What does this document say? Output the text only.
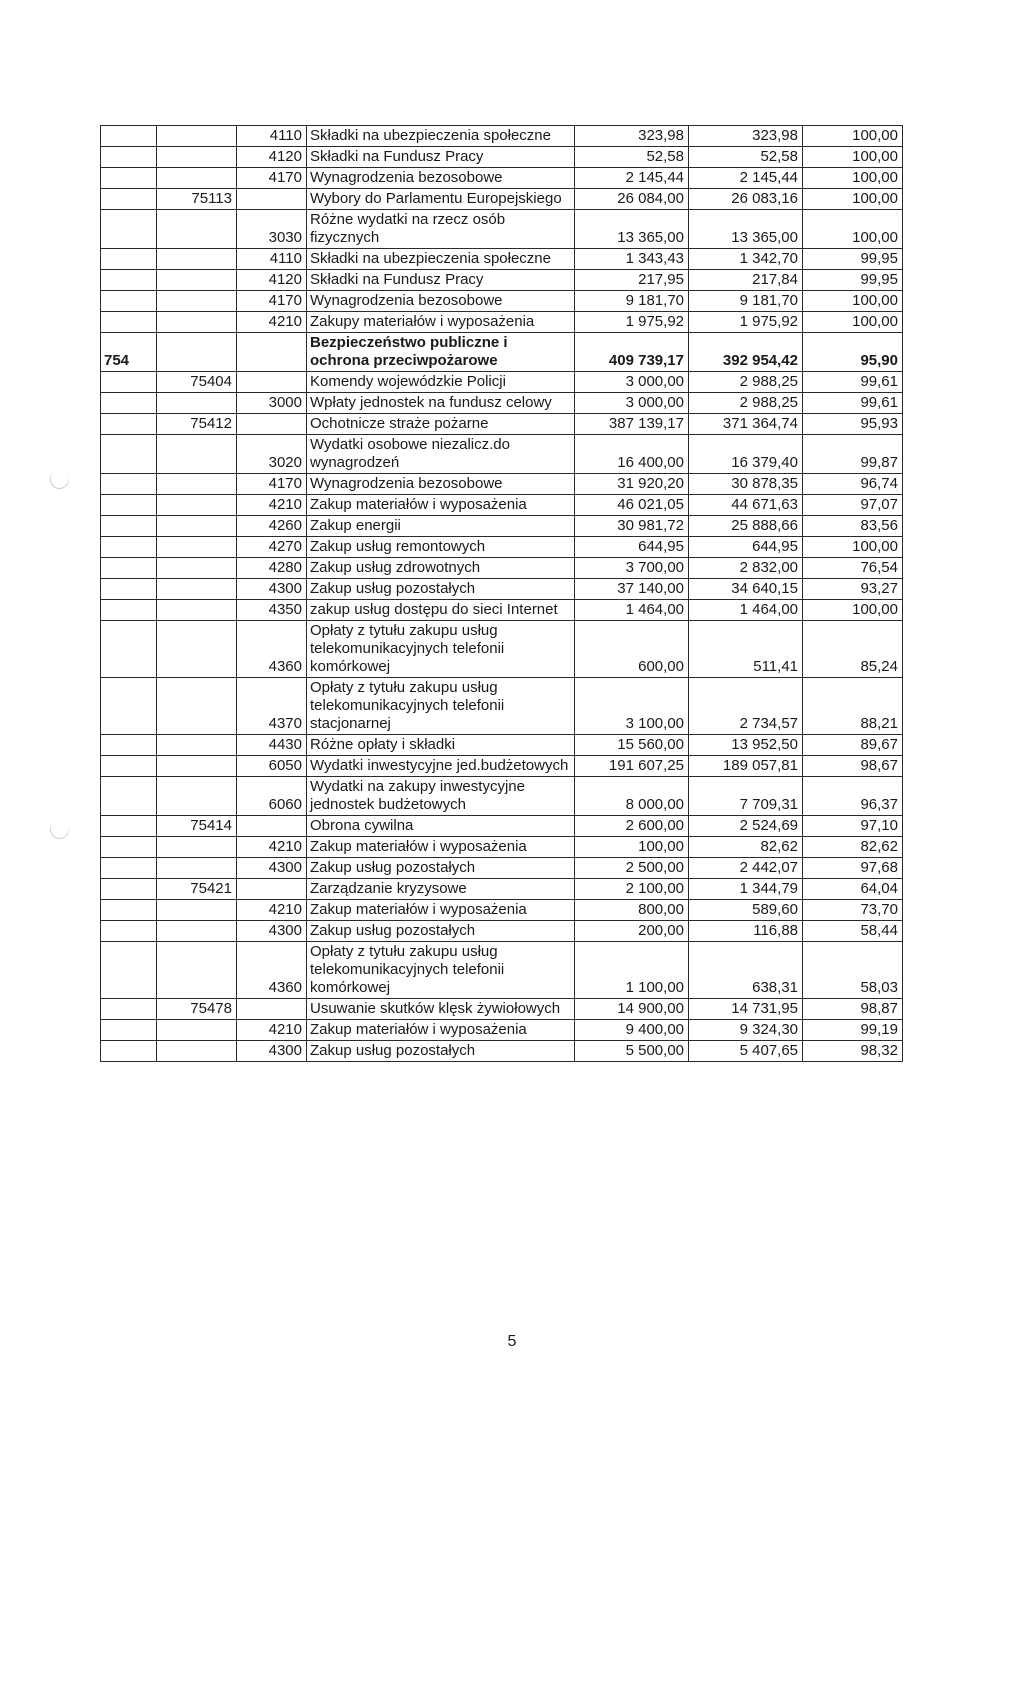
		4110	Składki na ubezpieczenia społeczne	323,98	323,98	100,00
		4120	Składki na Fundusz Pracy	52,58	52,58	100,00
		4170	Wynagrodzenia bezosobowe	2 145,44	2 145,44	100,00
	75113		Wybory do Parlamentu Europejskiego	26 084,00	26 083,16	100,00
		3030	Różne wydatki na rzecz osób fizycznych	13 365,00	13 365,00	100,00
		4110	Składki na ubezpieczenia społeczne	1 343,43	1 342,70	99,95
		4120	Składki na Fundusz Pracy	217,95	217,84	99,95
		4170	Wynagrodzenia bezosobowe	9 181,70	9 181,70	100,00
		4210	Zakupy materiałów i wyposażenia	1 975,92	1 975,92	100,00
754			Bezpieczeństwo publiczne i ochrona przeciwpożarowe	409 739,17	392 954,42	95,90
	75404		Komendy wojewódzkie Policji	3 000,00	2 988,25	99,61
		3000	Wpłaty jednostek na fundusz celowy	3 000,00	2 988,25	99,61
	75412		Ochotnicze straże pożarne	387 139,17	371 364,74	95,93
		3020	Wydatki osobowe niezalicz.do wynagrodzeń	16 400,00	16 379,40	99,87
		4170	Wynagrodzenia bezosobowe	31 920,20	30 878,35	96,74
		4210	Zakup materiałów i wyposażenia	46 021,05	44 671,63	97,07
		4260	Zakup energii	30 981,72	25 888,66	83,56
		4270	Zakup usług remontowych	644,95	644,95	100,00
		4280	Zakup usług zdrowotnych	3 700,00	2 832,00	76,54
		4300	Zakup usług pozostałych	37 140,00	34 640,15	93,27
		4350	zakup usług dostępu do sieci Internet	1 464,00	1 464,00	100,00
		4360	Opłaty z tytułu zakupu usług telekomunikacyjnych telefonii komórkowej	600,00	511,41	85,24
		4370	Opłaty z tytułu zakupu usług telekomunikacyjnych telefonii stacjonarnej	3 100,00	2 734,57	88,21
		4430	Różne opłaty i składki	15 560,00	13 952,50	89,67
		6050	Wydatki inwestycyjne jed.budżetowych	191 607,25	189 057,81	98,67
		6060	Wydatki na zakupy inwestycyjne jednostek budżetowych	8 000,00	7 709,31	96,37
	75414		Obrona cywilna	2 600,00	2 524,69	97,10
		4210	Zakup materiałów i wyposażenia	100,00	82,62	82,62
		4300	Zakup usług pozostałych	2 500,00	2 442,07	97,68
	75421		Zarządzanie kryzysowe	2 100,00	1 344,79	64,04
		4210	Zakup materiałów i wyposażenia	800,00	589,60	73,70
		4300	Zakup usług pozostałych	200,00	116,88	58,44
		4360	Opłaty z tytułu zakupu usług telekomunikacyjnych telefonii komórkowej	1 100,00	638,31	58,03
	75478		Usuwanie skutków klęsk żywiołowych	14 900,00	14 731,95	98,87
		4210	Zakup materiałów i wyposażenia	9 400,00	9 324,30	99,19
		4300	Zakup usług pozostałych	5 500,00	5 407,65	98,32
5
